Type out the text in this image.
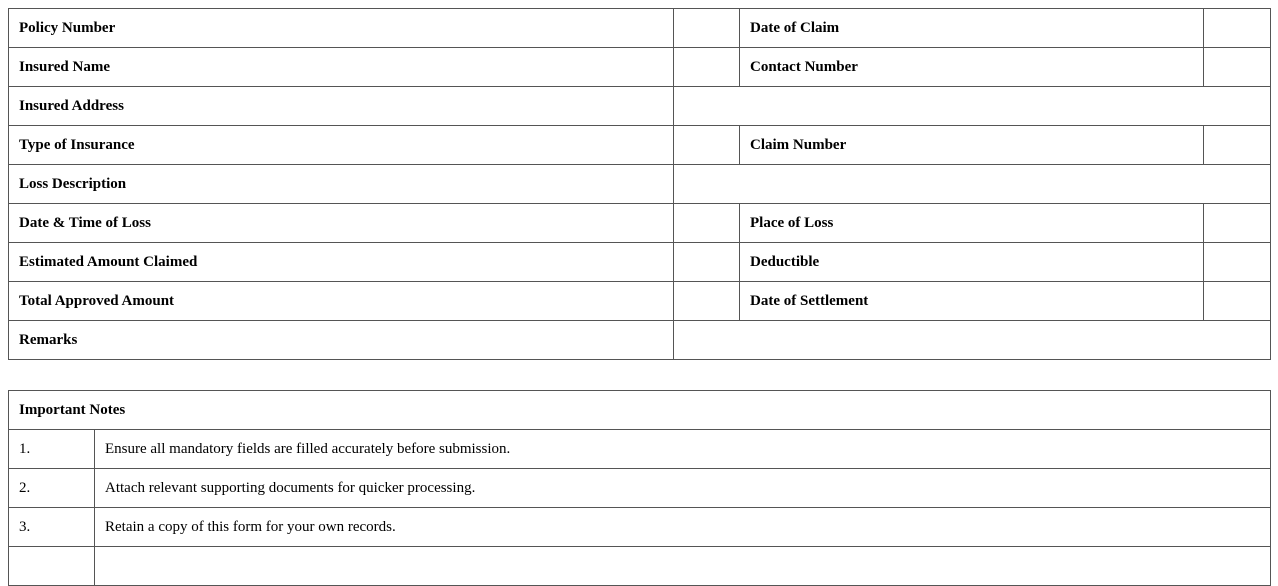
Policy Number		Date of Claim	
Insured Name		Contact Number	
Insured Address			
Type of Insurance		Claim Number	
Loss Description			
Date & Time of Loss		Place of Loss	
Estimated Amount Claimed		Deductible	
Total Approved Amount		Date of Settlement	
Remarks			
Important Notes	
1.	Ensure all mandatory fields are filled accurately before submission.
2.	Attach relevant supporting documents for quicker processing.
3.	Retain a copy of this form for your own records.
